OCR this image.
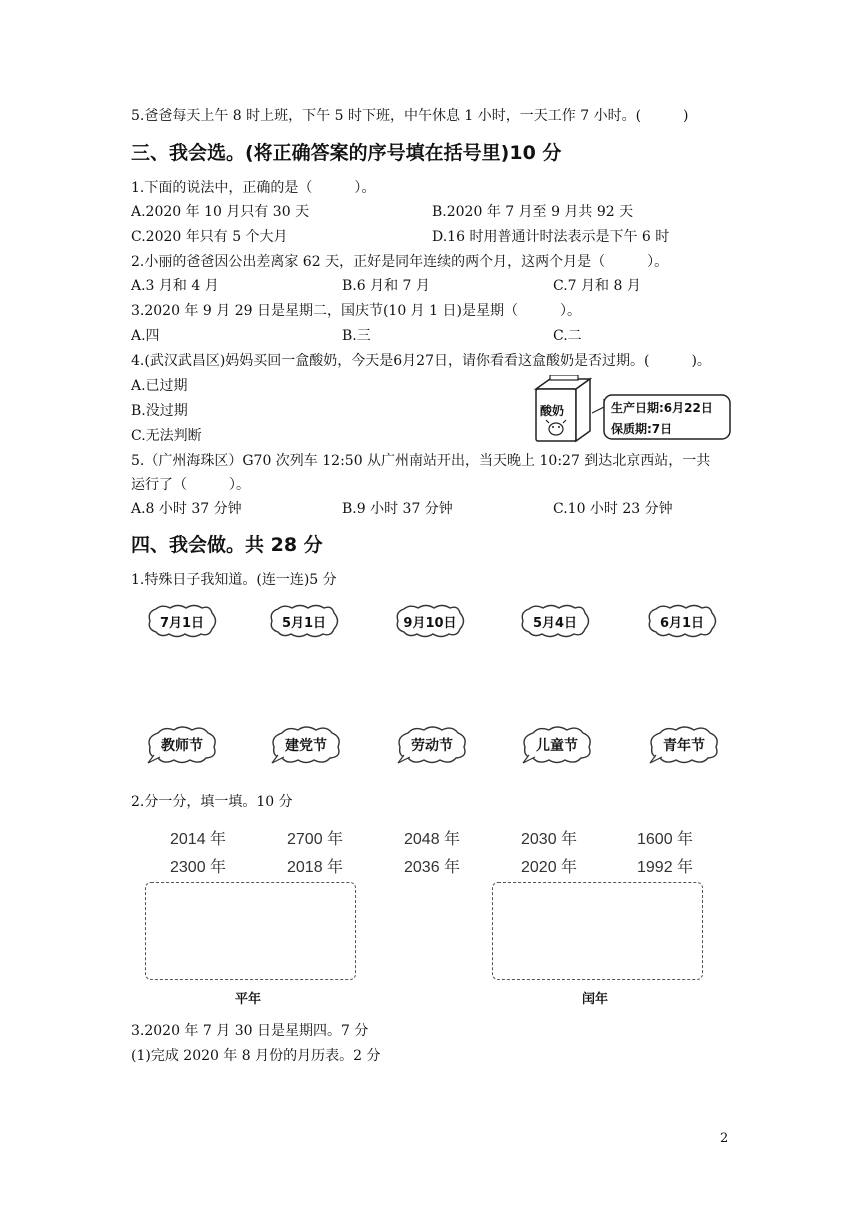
5.爸爸每天上午 8 时上班，下午 5 时下班，中午休息 1 小时，一天工作 7 小时。(　　　)
三、我会选。(将正确答案的序号填在括号里)10 分
1.下面的说法中，正确的是（　　　）。
A.2020 年 10 月只有 30 天	B.2020 年 7 月至 9 月共 92 天
C.2020 年只有 5 个大月	D.16 时用普通计时法表示是下午 6 时
2.小丽的爸爸因公出差离家 62 天，正好是同年连续的两个月，这两个月是（　　　）。
A.3 月和 4 月	B.6 月和 7 月	C.7 月和 8 月
3.2020 年 9 月 29 日是星期二，国庆节(10 月 1 日)是星期（　　　）。
A.四	B.三	C.二
4.(武汉武昌区)妈妈买回一盒酸奶，今天是6月27日，请你看看这盒酸奶是否过期。(　　　)。
A.已过期
B.没过期
C.无法判断
酸奶	生产日期:6月22日
保质期:7日
5.（广州海珠区）G70 次列车 12:50 从广州南站开出，当天晚上 10:27 到达北京西站，一共
运行了（　　　）。
A.8 小时 37 分钟	B.9 小时 37 分钟	C.10 小时 23 分钟
四、我会做。共 28 分
1.特殊日子我知道。(连一连)5 分
7月1日	5月1日	9月10日	5月4日	6月1日
教师节	建党节	劳动节	儿童节	青年节
2.分一分，填一填。10 分
2014 年	2700 年	2048 年	2030 年	1600 年
2300 年	2018 年	2036 年	2020 年	1992 年
平年	闰年
3.2020 年 7 月 30 日是星期四。7 分
(1)完成 2020 年 8 月份的月历表。2 分
2
